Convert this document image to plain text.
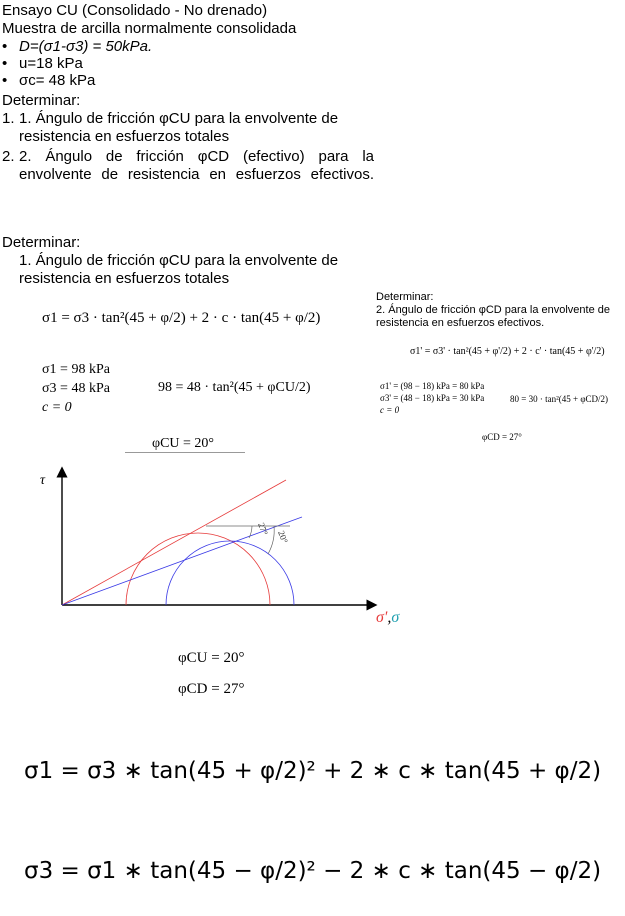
Ensayo CU (Consolidado - No drenado)
Muestra de arcilla normalmente consolidada
• D=(σ1-σ3) = 50kPa.
• u=18 kPa
• σc= 48 kPa
Determinar:
1. 1. Ángulo de fricción φCU para la envolvente de resistencia en esfuerzos totales
2. 2. Ángulo de fricción φCD (efectivo) para la envolvente de resistencia en esfuerzos efectivos.
Determinar:
1. Ángulo de fricción φCU para la envolvente de resistencia en esfuerzos totales
σ1 = σ3 · tan²(45 + φ/2) + 2 · c · tan(45 + φ/2)
σ1 = 98 kPa
σ3 = 48 kPa
c = 0
98 = 48 · tan²(45 + φCU/2)
φCU = 20°
Determinar:
2. Ángulo de fricción φCD para la envolvente de resistencia en esfuerzos efectivos.
σ1' = σ3' · tan²(45 + φ'/2) + 2 · c' · tan(45 + φ'/2)
σ1' = (98 − 18) kPa = 80 kPa
σ3' = (48 − 18) kPa = 30 kPa
c = 0
80 = 30 · tan²(45 + φCD/2)
φCD = 27°
27°
20°
τ
σ',σ
φCU = 20°
φCD = 27°
σ1 = σ3 ∗ tan(45 + φ/2)² + 2 ∗ c ∗ tan(45 + φ/2)
σ3 = σ1 ∗ tan(45 − φ/2)² − 2 ∗ c ∗ tan(45 − φ/2)
